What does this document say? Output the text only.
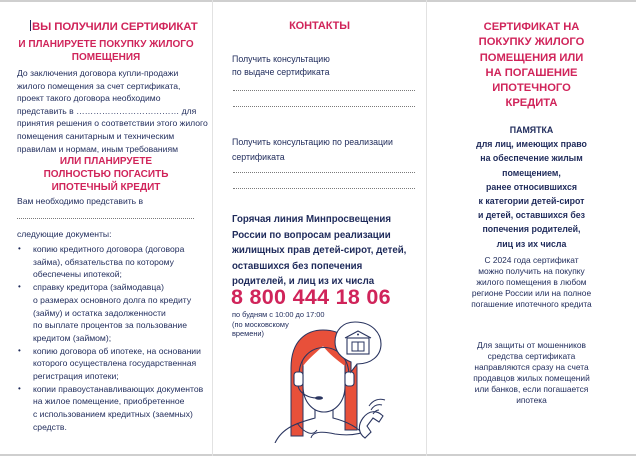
ВЫ ПОЛУЧИЛИ СЕРТИФИКАТ
И ПЛАНИРУЕТЕ ПОКУПКУ ЖИЛОГО
ПОМЕЩЕНИЯ
До заключения договора купли-продажи
жилого помещения за счет сертификата,
проект такого договора необходимо
представить в ……………………………… для
принятия решения о соответствии этого жилого
помещения санитарным и техническим
правилам и нормам, иным требованиям
ИЛИ ПЛАНИРУЕТЕ
ПОЛНОСТЬЮ ПОГАСИТЬ
ИПОТЕЧНЫЙ КРЕДИТ
Вам необходимо представить в
следующие документы:
• копию кредитного договора (договора
займа), обязательства по которому
обеспечены ипотекой;
• справку кредитора (займодавца)
о размерах основного долга по кредиту
(займу) и остатка задолженности
по выплате процентов за пользование
кредитом (займом);
• копию договора об ипотеке, на основании
которого осуществлена государственная
регистрация ипотеки;
• копии правоустанавливающих документов
на жилое помещение, приобретенное
с использованием кредитных (заемных)
средств.
КОНТАКТЫ
Получить консультацию
по выдаче сертификата
Получить консультацию по реализации
сертификата
Горячая линия Минпросвещения
России по вопросам реализации
жилищных прав детей-сирот, детей,
оставшихся без попечения
родителей, и лиц из их числа
8 800 444 18 06
по будням с 10:00 до 17:00
(по московскому
времени)
СЕРТИФИКАТ НА
ПОКУПКУ ЖИЛОГО
ПОМЕЩЕНИЯ ИЛИ
НА ПОГАШЕНИЕ
ИПОТЕЧНОГО
КРЕДИТА
ПАМЯТКА
для лиц, имеющих право
на обеспечение жилым
помещением,
ранее относившихся
к категории детей-сирот
и детей, оставшихся без
попечения родителей,
лиц из их числа
С 2024 года сертификат
можно получить на покупку
жилого помещения в любом
регионе России или на полное
погашение ипотечного кредита
Для защиты от мошенников
средства сертификата
направляются сразу на счета
продавцов жилых помещений
или банков, если погашается
ипотека
